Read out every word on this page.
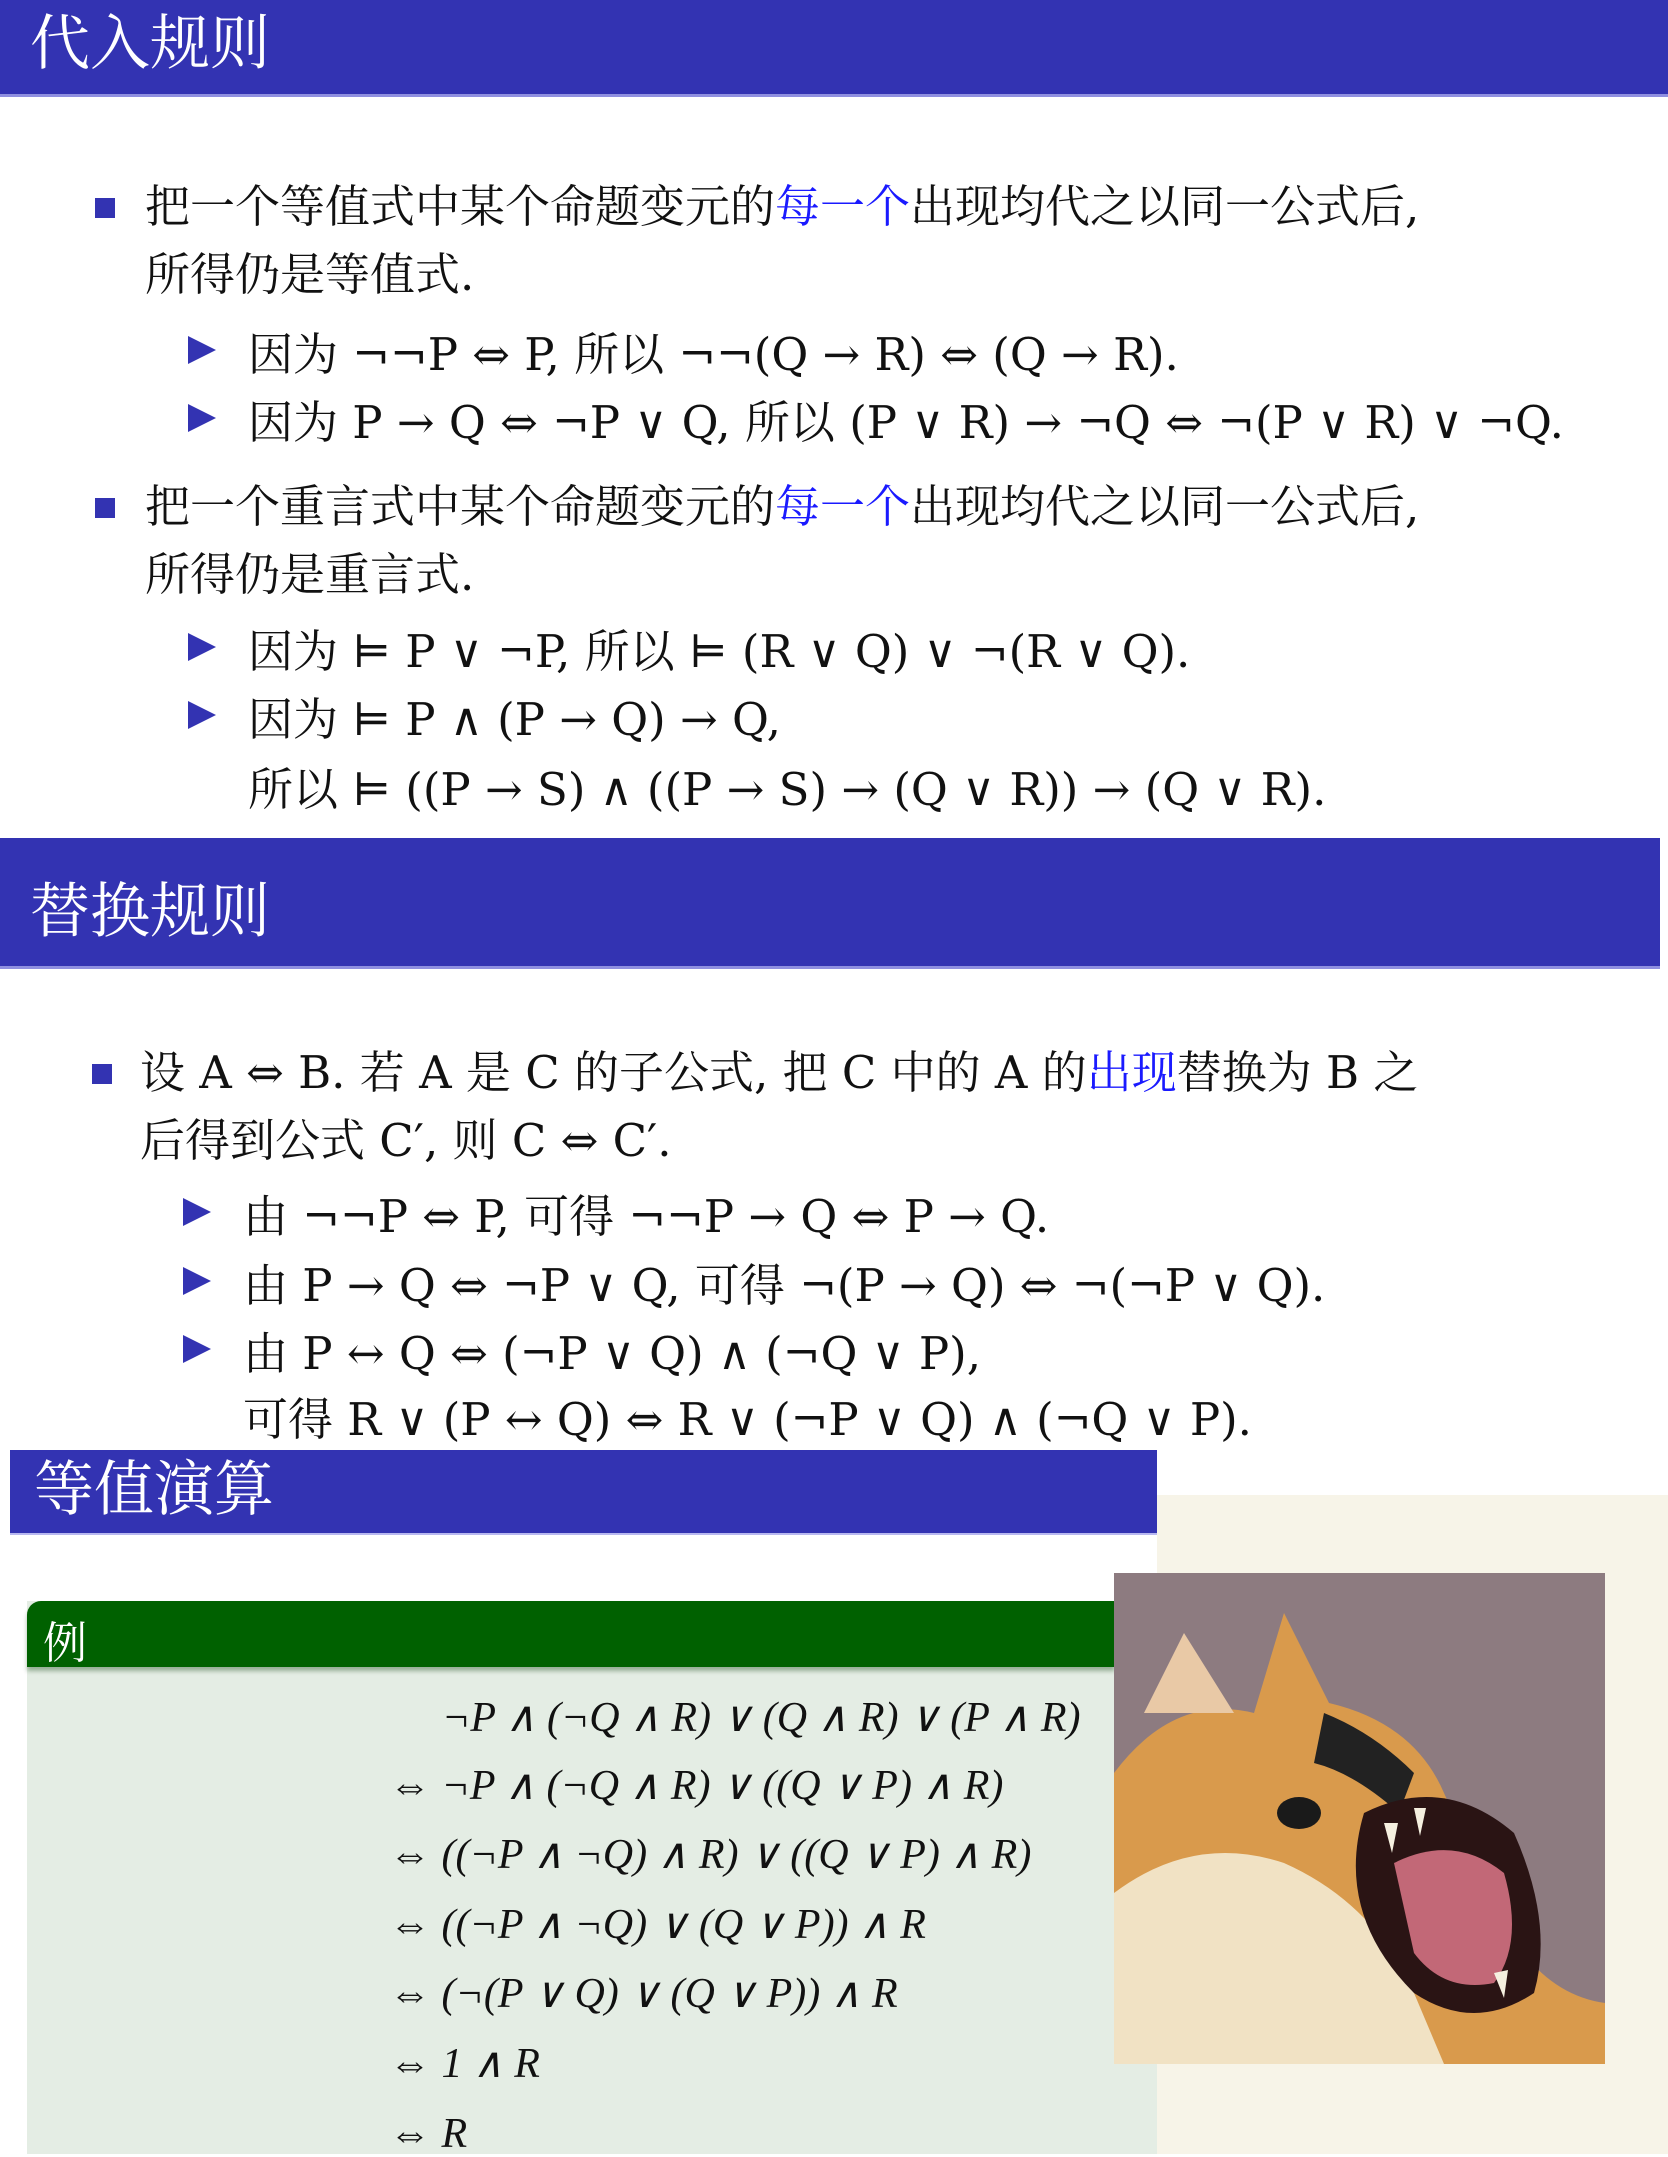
代入规则
把一个等值式中某个命题变元的每一个出现均代之以同一公式后,
所得仍是等值式.
因为 ¬¬P ⇔ P, 所以 ¬¬(Q → R) ⇔ (Q → R).
因为 P → Q ⇔ ¬P ∨ Q, 所以 (P ∨ R) → ¬Q ⇔ ¬(P ∨ R) ∨ ¬Q.
把一个重言式中某个命题变元的每一个出现均代之以同一公式后,
所得仍是重言式.
因为 ⊨ P ∨ ¬P, 所以 ⊨ (R ∨ Q) ∨ ¬(R ∨ Q).
因为 ⊨ P ∧ (P → Q) → Q,
所以 ⊨ ((P → S) ∧ ((P → S) → (Q ∨ R)) → (Q ∨ R).
替换规则
设 A ⇔ B. 若 A 是 C 的子公式, 把 C 中的 A 的出现替换为 B 之
后得到公式 C′, 则 C ⇔ C′.
由 ¬¬P ⇔ P, 可得 ¬¬P → Q ⇔ P → Q.
由 P → Q ⇔ ¬P ∨ Q, 可得 ¬(P → Q) ⇔ ¬(¬P ∨ Q).
由 P ↔ Q ⇔ (¬P ∨ Q) ∧ (¬Q ∨ P),
可得 R ∨ (P ↔ Q) ⇔ R ∨ (¬P ∨ Q) ∧ (¬Q ∨ P).
等值演算
例
¬P ∧ (¬Q ∧ R) ∨ (Q ∧ R) ∨ (P ∧ R)
⇔ ¬P ∧ (¬Q ∧ R) ∨ ((Q ∨ P) ∧ R)
⇔ ((¬P ∧ ¬Q) ∧ R) ∨ ((Q ∨ P) ∧ R)
⇔ ((¬P ∧ ¬Q) ∨ (Q ∨ P)) ∧ R
⇔ (¬(P ∨ Q) ∨ (Q ∨ P)) ∧ R
⇔ 1 ∧ R
⇔ R
